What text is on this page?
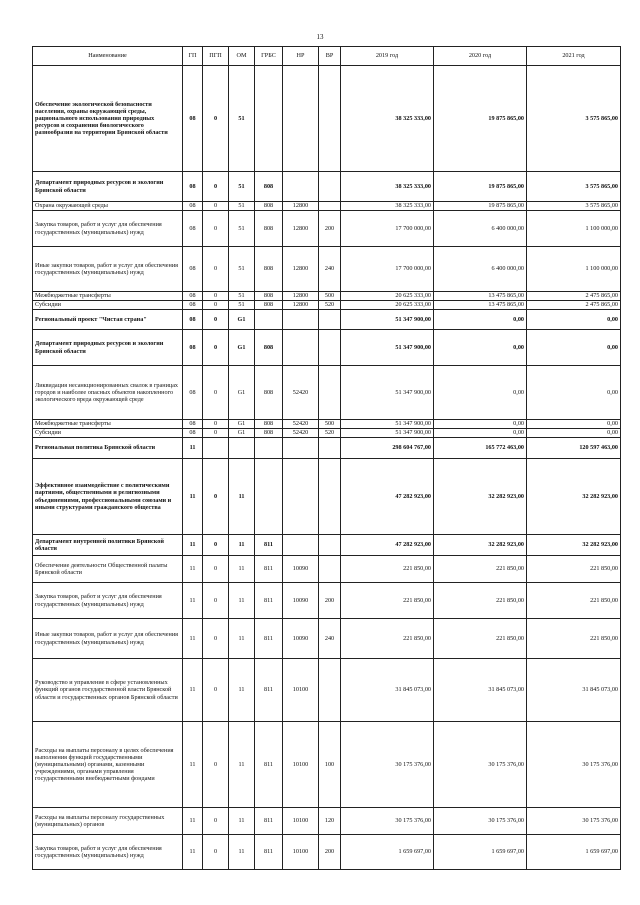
13
Наименование	ГП	ПГП	ОМ	ГРБС	НР	ВР	2019 год	2020 год	2021 год
Обеспечение экологической безопасности населения, охраны окружающей среды, рационального использования природных ресурсов и сохранения биологического разнообразия на территории Брянской области	08	0	51				38 325 333,00	19 875 865,00	3 575 865,00
Департамент природных ресурсов и экологии Брянской области	08	0	51	808			38 325 333,00	19 875 865,00	3 575 865,00
Охрана окружающей среды	08	0	51	808	12800		38 325 333,00	19 875 865,00	3 575 865,00
Закупка товаров, работ и услуг для обеспечения государственных (муниципальных) нужд	08	0	51	808	12800	200	17 700 000,00	6 400 000,00	1 100 000,00
Иные закупки товаров, работ и услуг для обеспечения государственных (муниципальных) нужд	08	0	51	808	12800	240	17 700 000,00	6 400 000,00	1 100 000,00
Межбюджетные трансферты	08	0	51	808	12800	500	20 625 333,00	13 475 865,00	2 475 865,00
Субсидии	08	0	51	808	12800	520	20 625 333,00	13 475 865,00	2 475 865,00
Региональный проект "Чистая страна"	08	0	G1				51 347 900,00	0,00	0,00
Департамент природных ресурсов и экологии Брянской области	08	0	G1	808			51 347 900,00	0,00	0,00
Ликвидация несанкционированных свалок в границах городов и наиболее опасных объектов накопленного экологического вреда окружающей среде	08	0	G1	808	52420		51 347 900,00	0,00	0,00
Межбюджетные трансферты	08	0	G1	808	52420	500	51 347 900,00	0,00	0,00
Субсидии	08	0	G1	808	52420	520	51 347 900,00	0,00	0,00
Региональная политика Брянской области	11						298 604 767,00	165 772 463,00	120 597 463,00
Эффективное взаимодействие с политическими партиями, общественными и религиозными объединениями, профессиональными союзами и иными структурами гражданского общества	11	0	11				47 282 923,00	32 282 923,00	32 282 923,00
Департамент внутренней политики Брянской области	11	0	11	811			47 282 923,00	32 282 923,00	32 282 923,00
Обеспечение деятельности Общественной палаты Брянской области	11	0	11	811	10090		221 850,00	221 850,00	221 850,00
Закупка товаров, работ и услуг для обеспечения государственных (муниципальных) нужд	11	0	11	811	10090	200	221 850,00	221 850,00	221 850,00
Иные закупки товаров, работ и услуг для обеспечения государственных (муниципальных) нужд	11	0	11	811	10090	240	221 850,00	221 850,00	221 850,00
Руководство и управление в сфере установленных функций органов государственной власти Брянской области и государственных органов Брянской области	11	0	11	811	10100		31 845 073,00	31 845 073,00	31 845 073,00
Расходы на выплаты персоналу в целях обеспечения выполнения функций государственными (муниципальными) органами, казенными учреждениями, органами управления государственными внебюджетными фондами	11	0	11	811	10100	100	30 175 376,00	30 175 376,00	30 175 376,00
Расходы на выплаты персоналу государственных (муниципальных) органов	11	0	11	811	10100	120	30 175 376,00	30 175 376,00	30 175 376,00
Закупка товаров, работ и услуг для обеспечения государственных (муниципальных) нужд	11	0	11	811	10100	200	1 659 697,00	1 659 697,00	1 659 697,00
